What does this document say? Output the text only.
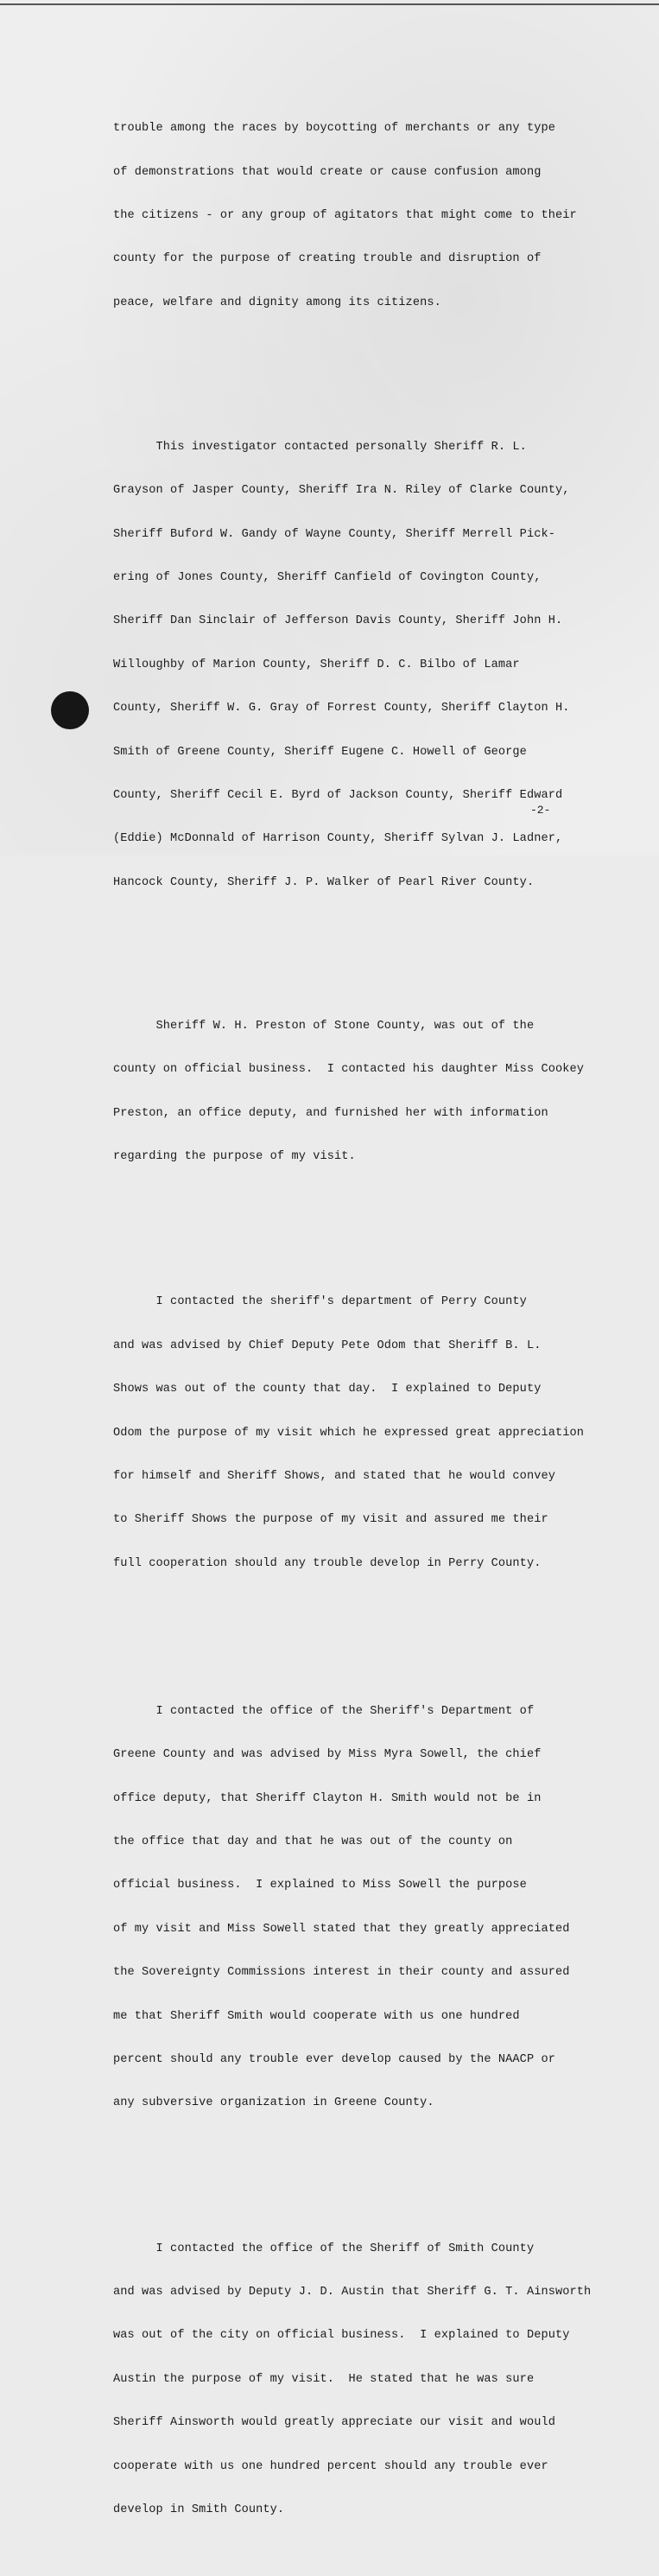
trouble among the races by boycotting of merchants or any type

of demonstrations that would create or cause confusion among

the citizens - or any group of agitators that might come to their

county for the purpose of creating trouble and disruption of

peace, welfare and dignity among its citizens.

This investigator contacted personally Sheriff R. L.

Grayson of Jasper County, Sheriff Ira N. Riley of Clarke County,

Sheriff Buford W. Gandy of Wayne County, Sheriff Merrell Pick-

ering of Jones County, Sheriff Canfield of Covington County,

Sheriff Dan Sinclair of Jefferson Davis County, Sheriff John H.

Willoughby of Marion County, Sheriff D. C. Bilbo of Lamar

County, Sheriff W. G. Gray of Forrest County, Sheriff Clayton H.

Smith of Greene County, Sheriff Eugene C. Howell of George

County, Sheriff Cecil E. Byrd of Jackson County, Sheriff Edward

(Eddie) McDonnald of Harrison County, Sheriff Sylvan J. Ladner,

Hancock County, Sheriff J. P. Walker of Pearl River County.

Sheriff W. H. Preston of Stone County, was out of the

county on official business.  I contacted his daughter Miss Cookey

Preston, an office deputy, and furnished her with information

regarding the purpose of my visit.

I contacted the sheriff's department of Perry County

and was advised by Chief Deputy Pete Odom that Sheriff B. L.

Shows was out of the county that day.  I explained to Deputy

Odom the purpose of my visit which he expressed great appreciation

for himself and Sheriff Shows, and stated that he would convey

to Sheriff Shows the purpose of my visit and assured me their

full cooperation should any trouble develop in Perry County.

I contacted the office of the Sheriff's Department of

Greene County and was advised by Miss Myra Sowell, the chief

office deputy, that Sheriff Clayton H. Smith would not be in

the office that day and that he was out of the county on

official business.  I explained to Miss Sowell the purpose

of my visit and Miss Sowell stated that they greatly appreciated

the Sovereignty Commissions interest in their county and assured

me that Sheriff Smith would cooperate with us one hundred

percent should any trouble ever develop caused by the NAACP or

any subversive organization in Greene County.

I contacted the office of the Sheriff of Smith County

and was advised by Deputy J. D. Austin that Sheriff G. T. Ainsworth

was out of the city on official business.  I explained to Deputy

Austin the purpose of my visit.  He stated that he was sure

Sheriff Ainsworth would greatly appreciate our visit and would

cooperate with us one hundred percent should any trouble ever

develop in Smith County.

-2-
